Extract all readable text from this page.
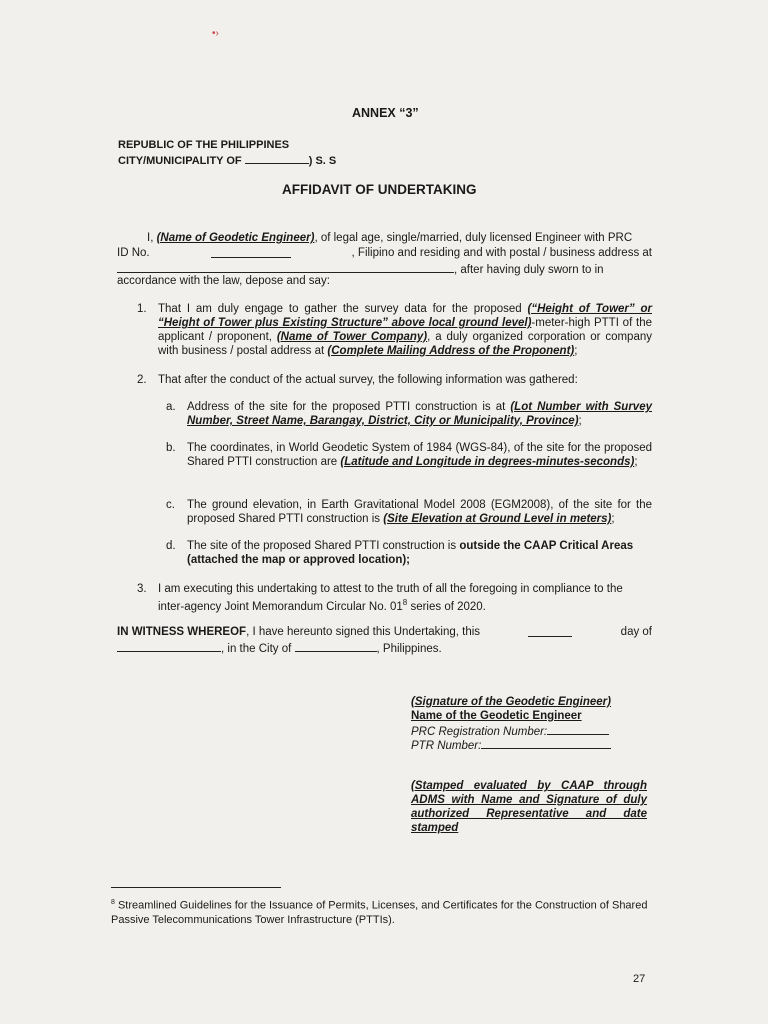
•›
ANNEX “3”
REPUBLIC OF THE PHILIPPINES
CITY/MUNICIPALITY OF	) S. S
AFFIDAVIT OF UNDERTAKING
I, (Name of Geodetic Engineer), of legal age, single/married, duly licensed Engineer with PRC
ID No.	, Filipino and residing and with postal / business address at
, after having duly sworn to in
accordance with the law, depose and say:
1. That I am duly engage to gather the survey data for the proposed (“Height of Tower” or “Height of Tower plus Existing Structure” above local ground level)-meter-high PTTI of the applicant / proponent, (Name of Tower Company), a duly organized corporation or company with business / postal address at (Complete Mailing Address of the Proponent);
2. That after the conduct of the actual survey, the following information was gathered:
a. Address of the site for the proposed PTTI construction is at (Lot Number with Survey Number, Street Name, Barangay, District, City or Municipality, Province);
b. The coordinates, in World Geodetic System of 1984 (WGS-84), of the site for the proposed Shared PTTI construction are (Latitude and Longitude in degrees-minutes-seconds);
c. The ground elevation, in Earth Gravitational Model 2008 (EGM2008), of the site for the proposed Shared PTTI construction is (Site Elevation at Ground Level in meters);
d. The site of the proposed Shared PTTI construction is outside the CAAP Critical Areas (attached the map or approved location);
3. I am executing this undertaking to attest to the truth of all the foregoing in compliance to the inter-agency Joint Memorandum Circular No. $01^8$ series of 2020.
IN WITNESS WHEREOF, I have hereunto signed this Undertaking, this	day of
, in the City of	, Philippines.
(Signature of the Geodetic Engineer)
Name of the Geodetic Engineer
PRC Registration Number:
PTR Number:
(Stamped evaluated by CAAP through ADMS with Name and Signature of duly authorized Representative and date stamped
$^8$ Streamlined Guidelines for the Issuance of Permits, Licenses, and Certificates for the Construction of Shared Passive Telecommunications Tower Infrastructure (PTTIs).
27
